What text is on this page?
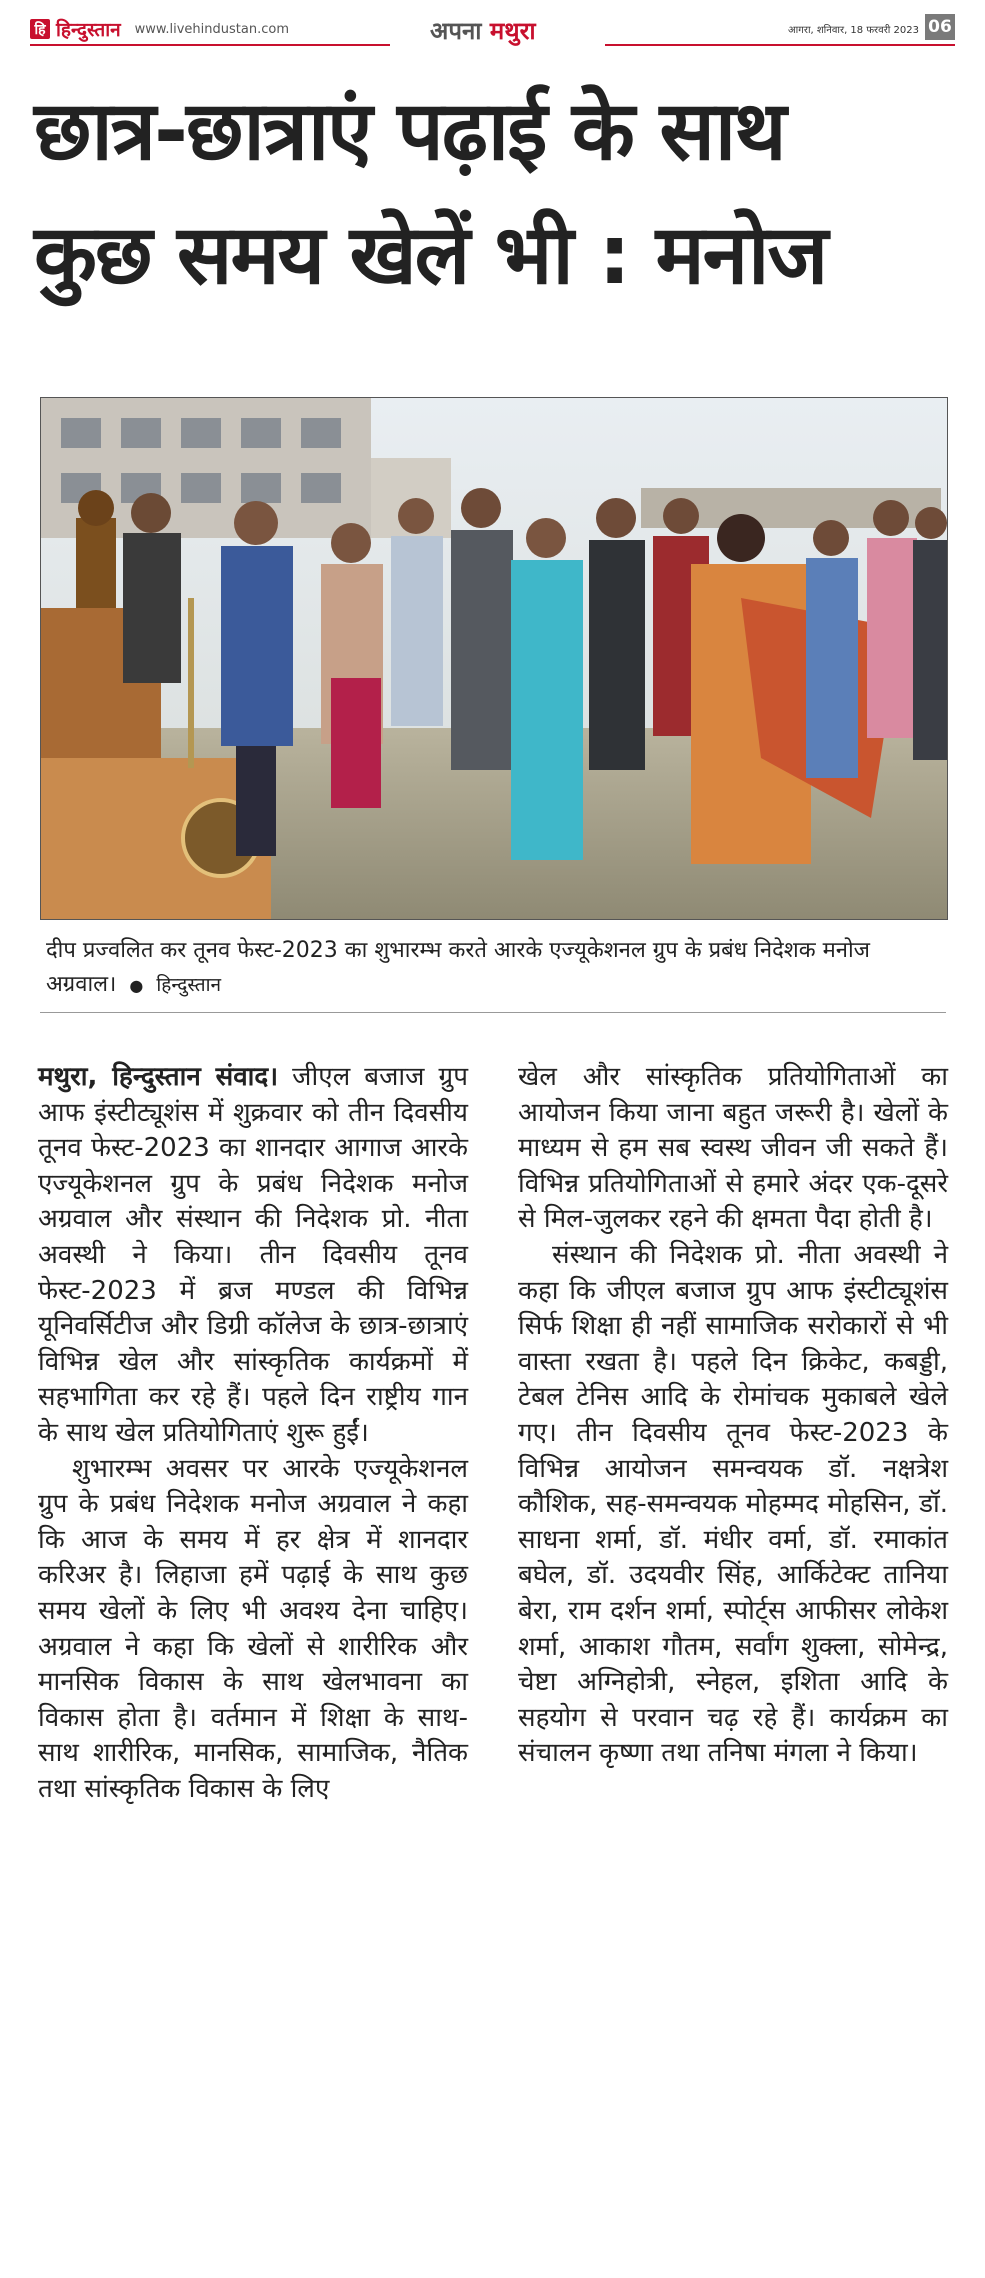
हि हिन्दुस्तान www.livehindustan.com	अपना मथुरा	आगरा, शनिवार, 18 फरवरी 2023 06
छात्र-छात्राएं पढ़ाई के साथ
कुछ समय खेलें भी : मनोज
दीप प्रज्वलित कर तूनव फेस्ट-2023 का शुभारम्भ करते आरके एज्यूकेशनल ग्रुप के प्रबंध निदेशक मनोज अग्रवाल। ● हिन्दुस्तान

मथुरा, हिन्दुस्तान संवाद। जीएल बजाज ग्रुप आफ इंस्टीट्यूशंस में शुक्रवार को तीन दिवसीय तूनव फेस्ट-2023 का शानदार आगाज आरके एज्यूकेशनल ग्रुप के प्रबंध निदेशक मनोज अग्रवाल और संस्थान की निदेशक प्रो. नीता अवस्थी ने किया। तीन दिवसीय तूनव फेस्ट-2023 में ब्रज मण्डल की विभिन्न यूनिवर्सिटीज और डिग्री कॉलेज के छात्र-छात्राएं विभिन्न खेल और सांस्कृतिक कार्यक्रमों में सहभागिता कर रहे हैं। पहले दिन राष्ट्रीय गान के साथ खेल प्रतियोगिताएं शुरू हुईं।

शुभारम्भ अवसर पर आरके एज्यूकेशनल ग्रुप के प्रबंध निदेशक मनोज अग्रवाल ने कहा कि आज के समय में हर क्षेत्र में शानदार करिअर है। लिहाजा हमें पढ़ाई के साथ कुछ समय खेलों के लिए भी अवश्य देना चाहिए। अग्रवाल ने कहा कि खेलों से शारीरिक और मानसिक विकास के साथ खेलभावना का विकास होता है। वर्तमान में शिक्षा के साथ-साथ शारीरिक, मानसिक, सामाजिक, नैतिक तथा सांस्कृतिक विकास के लिए

खेल और सांस्कृतिक प्रतियोगिताओं का आयोजन किया जाना बहुत जरूरी है। खेलों के माध्यम से हम सब स्वस्थ जीवन जी सकते हैं। विभिन्न प्रतियोगिताओं से हमारे अंदर एक-दूसरे से मिल-जुलकर रहने की क्षमता पैदा होती है।

संस्थान की निदेशक प्रो. नीता अवस्थी ने कहा कि जीएल बजाज ग्रुप आफ इंस्टीट्यूशंस सिर्फ शिक्षा ही नहीं सामाजिक सरोकारों से भी वास्ता रखता है। पहले दिन क्रिकेट, कबड्डी, टेबल टेनिस आदि के रोमांचक मुकाबले खेले गए। तीन दिवसीय तूनव फेस्ट-2023 के विभिन्न आयोजन समन्वयक डॉ. नक्षत्रेश कौशिक, सह-समन्वयक मोहम्मद मोहसिन, डॉ. साधना शर्मा, डॉ. मंधीर वर्मा, डॉ. रमाकांत बघेल, डॉ. उदयवीर सिंह, आर्किटेक्ट तानिया बेरा, राम दर्शन शर्मा, स्पोर्ट्स आफीसर लोकेश शर्मा, आकाश गौतम, सर्वांग शुक्ला, सोमेन्द्र, चेष्टा अग्निहोत्री, स्नेहल, इशिता आदि के सहयोग से परवान चढ़ रहे हैं। कार्यक्रम का संचालन कृष्णा तथा तनिषा मंगला ने किया।
